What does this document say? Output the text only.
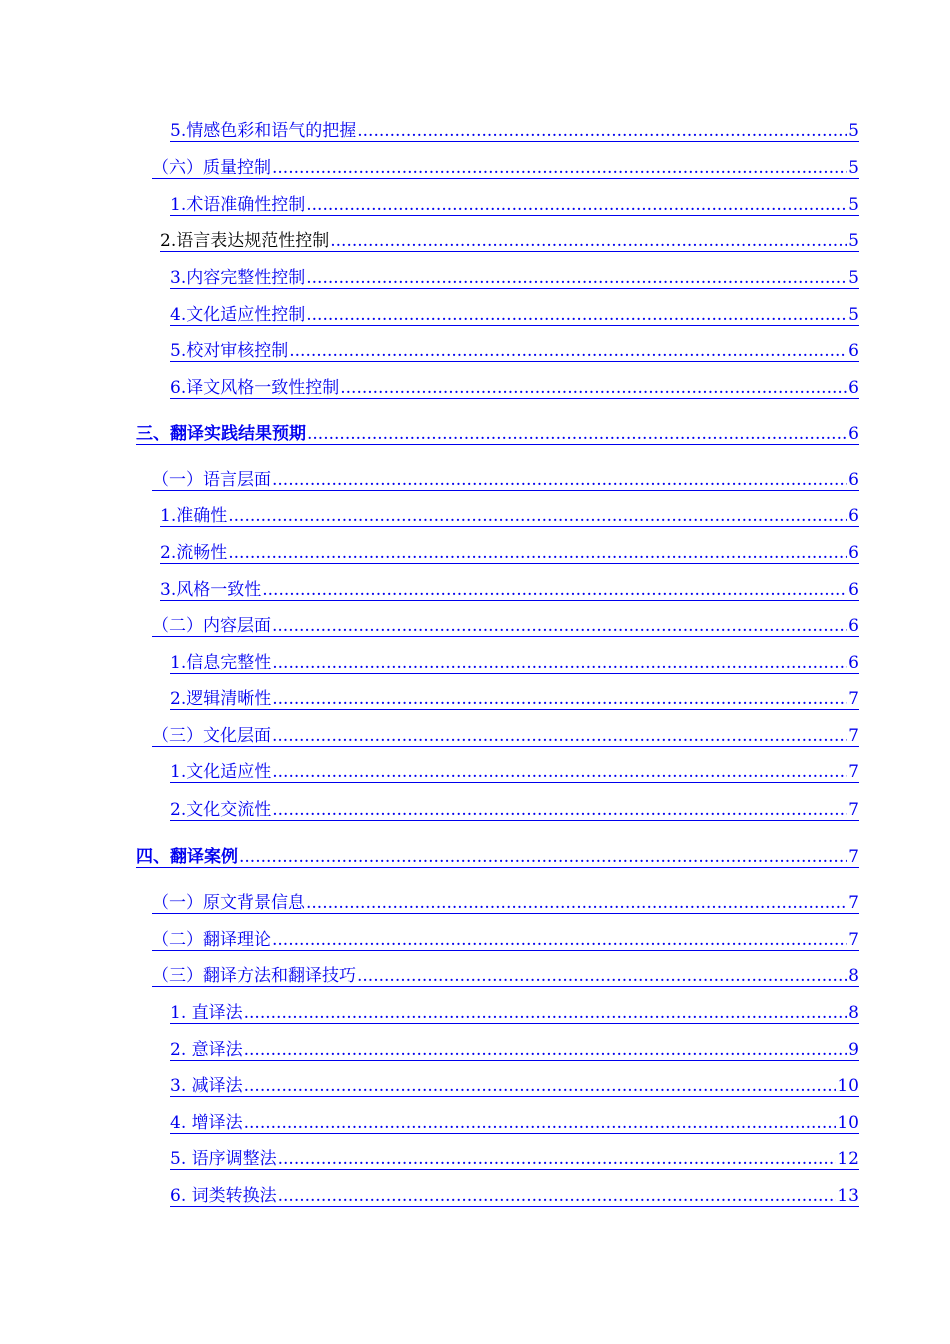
5.情感色彩和语气的把握 .....	5
（六）质量控制 .....	5
1.术语准确性控制 .....	5
2.语言表达规范性控制 .....	5
3.内容完整性控制 .....	5
4.文化适应性控制 .....	5
5.校对审核控制 .....	6
6.译文风格一致性控制 .....	6
三、翻译实践结果预期 .....	6
（一）语言层面 .....	6
1.准确性 .....	6
2.流畅性 .....	6
3.风格一致性 .....	6
（二）内容层面 .....	6
1.信息完整性 .....	6
2.逻辑清晰性 .....	7
（三）文化层面 .....	7
1.文化适应性 .....	7
2.文化交流性 .....	7
四、翻译案例 .....	7
（一）原文背景信息 .....	7
（二）翻译理论 .....	7
（三）翻译方法和翻译技巧 .....	8
1. 直译法 .....	8
2. 意译法 .....	9
3. 减译法 .....	10
4. 增译法 .....	10
5. 语序调整法 .....	12
6. 词类转换法 .....	13
